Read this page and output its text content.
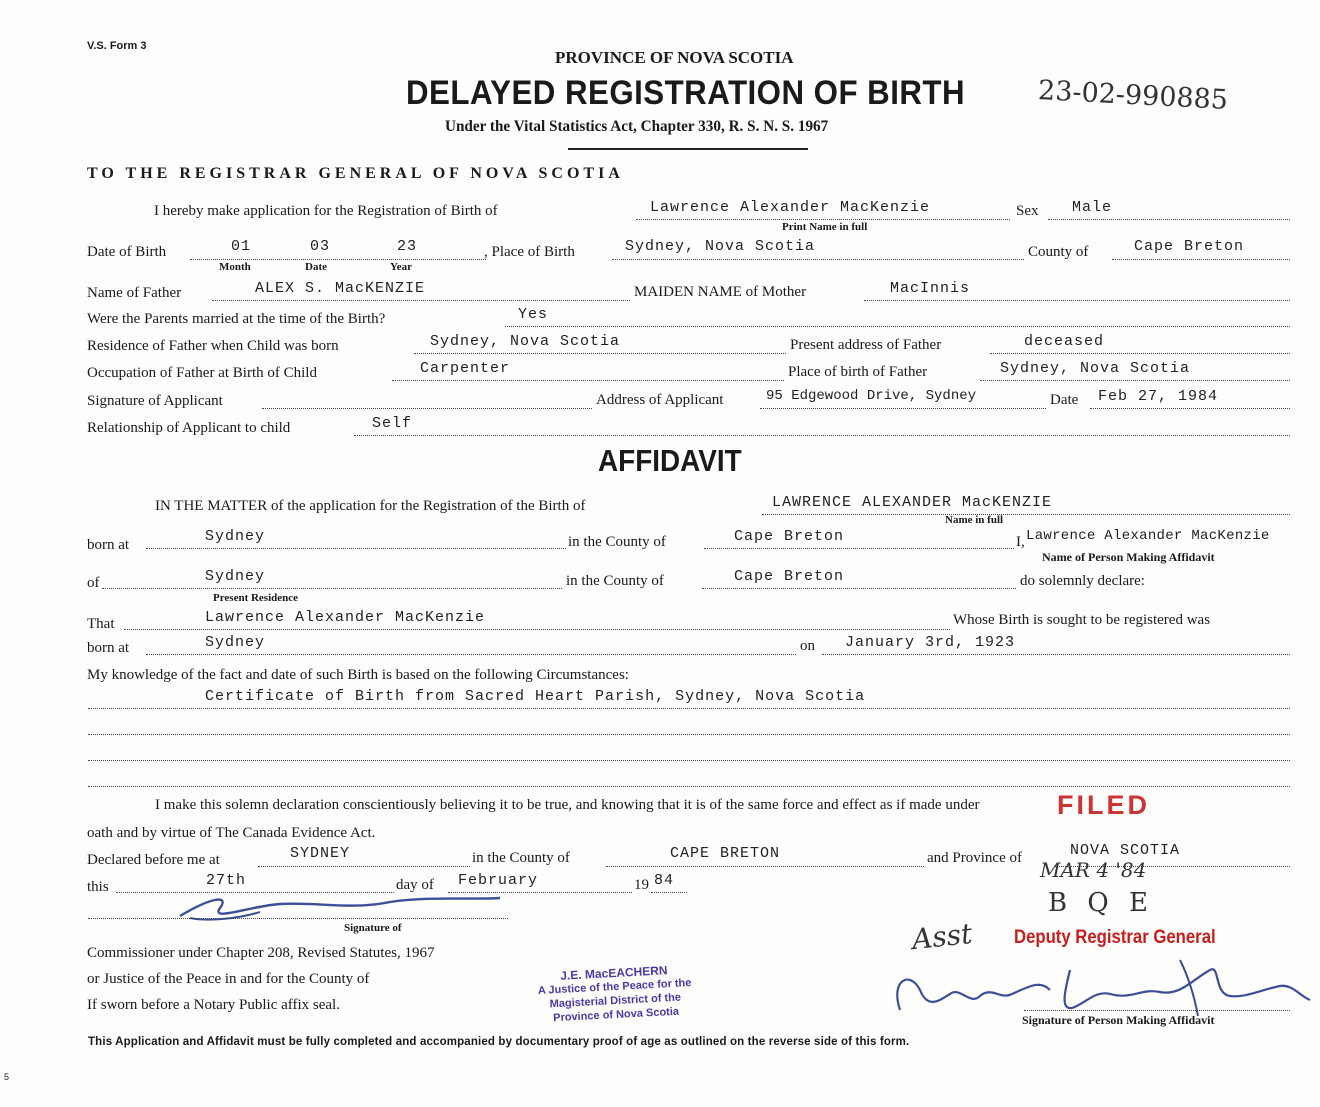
V.S. Form 3
PROVINCE OF NOVA SCOTIA
DELAYED REGISTRATION OF BIRTH
Under the Vital Statistics Act, Chapter 330, R. S. N. S. 1967
23-02-990885
TO THE REGISTRAR GENERAL OF NOVA SCOTIA
I hereby make application for the Registration of Birth of	Lawrence Alexander MacKenzie	Sex Male
Print Name in full
Date of Birth	01	03	23
Month	Date	Year
, Place of Birth	Sydney, Nova Scotia	County of	Cape Breton
Name of Father	ALEX S. MacKENZIE	MAIDEN NAME of Mother	MacInnis
Were the Parents married at the time of the Birth?	Yes
Residence of Father when Child was born	Sydney, Nova Scotia	Present address of Father	deceased
Occupation of Father at Birth of Child	Carpenter	Place of birth of Father	Sydney, Nova Scotia
Signature of Applicant	Address of Applicant	95 Edgewood Drive, Sydney	Date Feb 27, 1984
Relationship of Applicant to child	Self
AFFIDAVIT
IN THE MATTER of the application for the Registration of the Birth of	LAWRENCE ALEXANDER MacKENZIE
Name in full
born at	Sydney	in the County of	Cape Breton	I, Lawrence Alexander MacKenzie
Name of Person Making Affidavit
of	Sydney	in the County of	Cape Breton	do solemnly declare:
Present Residence
That	Lawrence Alexander MacKenzie	Whose Birth is sought to be registered was
born at	Sydney	on January 3rd, 1923
My knowledge of the fact and date of such Birth is based on the following Circumstances:
Certificate of Birth from Sacred Heart Parish, Sydney, Nova Scotia
I make this solemn declaration conscientiously believing it to be true, and knowing that it is of the same force and effect as if made under
oath and by virtue of The Canada Evidence Act.
FILED
Declared before me at	SYDNEY	in the County of	CAPE BRETON	and Province of	NOVA SCOTIA
this	27th	day of February	19 84
Signature of
Commissioner under Chapter 208, Revised Statutes, 1967
or Justice of the Peace in and for the County of
If sworn before a Notary Public affix seal.
J.E. MacEACHERN
A Justice of the Peace for the
Magisterial District of the
Province of Nova Scotia
MAR 4 '84
B Q E
Asst Deputy Registrar General
Signature of Person Making Affidavit
This Application and Affidavit must be fully completed and accompanied by documentary proof of age as outlined on the reverse side of this form.
5
